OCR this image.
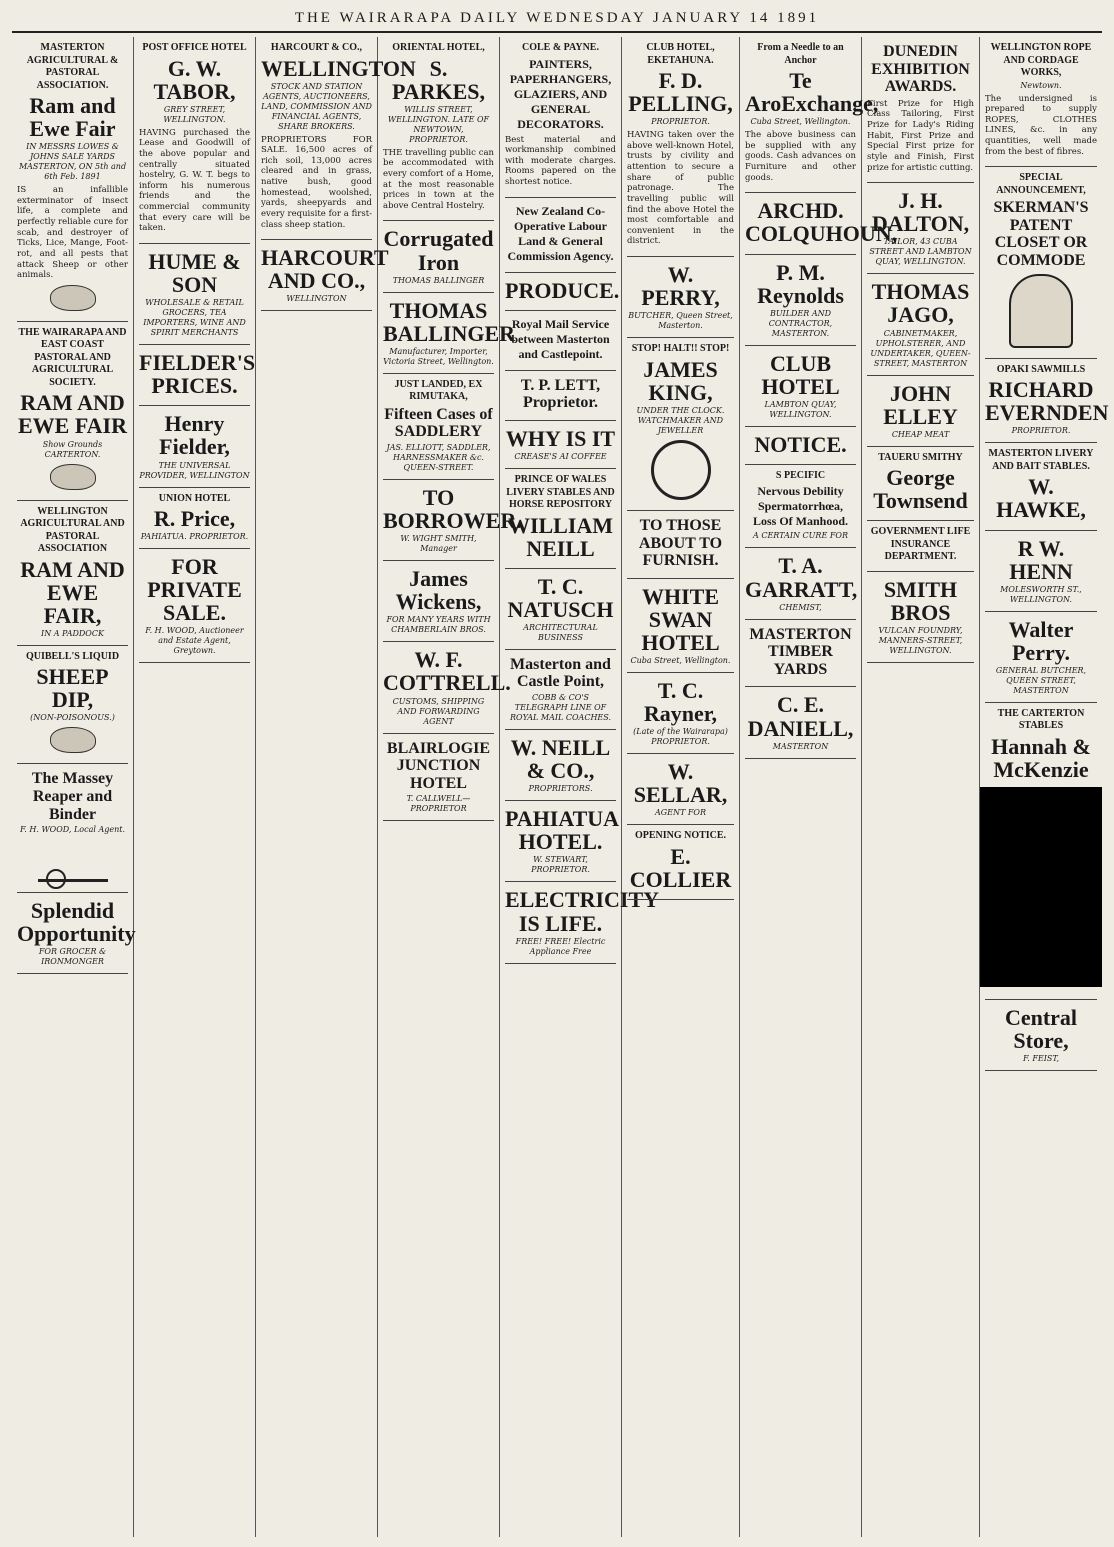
THE WAIRARAPA DAILY WEDNESDAY JANUARY 14 1891
MASTERTON AGRICULTURAL & PASTORAL ASSOCIATION.
Ram and Ewe Fair
IN MESSRS LOWES & JOHNS SALE YARDS MASTERTON, ON 5th and 6th Feb. 1891
IS an infallible exterminator of insect life, a complete and perfectly reliable cure for scab, and destroyer of Ticks, Lice, Mange, Foot-rot, and all pests that attack Sheep or other animals.
THE WAIRARAPA AND EAST COAST PASTORAL AND AGRICULTURAL SOCIETY.
RAM AND EWE FAIR
Show Grounds CARTERTON.
WELLINGTON AGRICULTURAL AND PASTORAL ASSOCIATION
RAM AND EWE FAIR,
IN A PADDOCK
QUIBELL'S LIQUID
SHEEP DIP,
(NON-POISONOUS.)
The Massey Reaper and Binder
F. H. WOOD, Local Agent.
Splendid Opportunity
FOR GROCER & IRONMONGER
POST OFFICE HOTEL
G. W. TABOR,
GREY STREET, WELLINGTON.
HAVING purchased the Lease and Goodwill of the above popular and centrally situated hostelry, G. W. T. begs to inform his numerous friends and the commercial community that every care will be taken.
HUME & SON
WHOLESALE & RETAIL GROCERS, TEA IMPORTERS, WINE AND SPIRIT MERCHANTS
FIELDER'S PRICES.
Henry Fielder,
THE UNIVERSAL PROVIDER, WELLINGTON
UNION HOTEL
R. Price,
PAHIATUA. PROPRIETOR.
FOR PRIVATE SALE.
F. H. WOOD, Auctioneer and Estate Agent, Greytown.
HARCOURT & CO.,
WELLINGTON
STOCK AND STATION AGENTS, AUCTIONEERS, LAND, COMMISSION AND FINANCIAL AGENTS, SHARE BROKERS.
PROPRIETORS FOR SALE. 16,500 acres of rich soil, 13,000 acres cleared and in grass, native bush, good homestead, woolshed, yards, sheepyards and every requisite for a first-class sheep station.
HARCOURT AND CO.,
WELLINGTON
ORIENTAL HOTEL,
S. PARKES,
WILLIS STREET, WELLINGTON. LATE OF NEWTOWN, PROPRIETOR.
THE travelling public can be accommodated with every comfort of a Home, at the most reasonable prices in town at the above Central Hostelry.
Corrugated Iron
THOMAS BALLINGER
THOMAS BALLINGER
Manufacturer, Importer, Victoria Street, Wellington.
JUST LANDED, EX RIMUTAKA,
Fifteen Cases of SADDLERY
JAS. ELLIOTT, SADDLER, HARNESSMAKER &c. QUEEN-STREET.
TO BORROWER.
W. WIGHT SMITH, Manager
James Wickens,
FOR MANY YEARS WITH CHAMBERLAIN BROS.
W. F. COTTRELL.
CUSTOMS, SHIPPING AND FORWARDING AGENT
BLAIRLOGIE JUNCTION HOTEL
T. CALLWELL—PROPRIETOR
COLE & PAYNE.
PAINTERS, PAPERHANGERS, GLAZIERS, AND GENERAL DECORATORS.
Best material and workmanship combined with moderate charges. Rooms papered on the shortest notice.
New Zealand Co-Operative Labour Land & General Commission Agency.
PRODUCE.
Royal Mail Service between Masterton and Castlepoint.
T. P. LETT, Proprietor.
WHY IS IT
CREASE'S AI COFFEE
PRINCE OF WALES LIVERY STABLES AND HORSE REPOSITORY
WILLIAM NEILL
T. C. NATUSCH
ARCHITECTURAL BUSINESS
Masterton and Castle Point,
COBB & CO'S TELEGRAPH LINE OF ROYAL MAIL COACHES.
W. NEILL & CO.,
PROPRIETORS.
PAHIATUA HOTEL.
W. STEWART, PROPRIETOR.
ELECTRICITY IS LIFE.
FREE! FREE! Electric Appliance Free
CLUB HOTEL, EKETAHUNA.
F. D. PELLING,
PROPRIETOR.
HAVING taken over the above well-known Hotel, trusts by civility and attention to secure a share of public patronage. The travelling public will find the above Hotel the most comfortable and convenient in the district.
W. PERRY,
BUTCHER, Queen Street, Masterton.
STOP! HALT!! STOP!
JAMES KING,
UNDER THE CLOCK. WATCHMAKER AND JEWELLER
TO THOSE ABOUT TO FURNISH.
WHITE SWAN HOTEL
Cuba Street, Wellington.
T. C. Rayner,
(Late of the Wairarapa) PROPRIETOR.
W. SELLAR,
AGENT FOR
OPENING NOTICE.
E. COLLIER
From a Needle to an Anchor
Te AroExchange,
Cuba Street, Wellington.
The above business can be supplied with any goods. Cash advances on Furniture and other goods.
ARCHD. COLQUHOUN,
P. M. Reynolds
BUILDER AND CONTRACTOR, MASTERTON.
CLUB HOTEL
LAMBTON QUAY, WELLINGTON.
NOTICE.
S PECIFIC
Nervous Debility Spermatorrhœa, Loss Of Manhood.
A CERTAIN CURE FOR
T. A. GARRATT,
CHEMIST,
MASTERTON TIMBER YARDS
C. E. DANIELL,
MASTERTON
DUNEDIN EXHIBITION AWARDS.
First Prize for High Class Tailoring, First Prize for Lady's Riding Habit, First Prize and Special First prize for style and Finish, First prize for artistic cutting.
J. H. DALTON,
TAILOR, 43 CUBA STREET AND LAMBTON QUAY, WELLINGTON.
THOMAS JAGO,
CABINETMAKER, UPHOLSTERER, AND UNDERTAKER, QUEEN-STREET, MASTERTON
JOHN ELLEY
CHEAP MEAT
TAUERU SMITHY
George Townsend
GOVERNMENT LIFE INSURANCE DEPARTMENT.
SMITH BROS
VULCAN FOUNDRY, MANNERS-STREET, WELLINGTON.
WELLINGTON ROPE AND CORDAGE WORKS,
Newtown.
The undersigned is prepared to supply ROPES, CLOTHES LINES, &c. in any quantities, well made from the best of fibres.
SPECIAL ANNOUNCEMENT,
SKERMAN'S PATENT CLOSET OR COMMODE
OPAKI SAWMILLS
RICHARD EVERNDEN
PROPRIETOR.
MASTERTON LIVERY AND BAIT STABLES.
W. HAWKE,
R W. HENN
MOLESWORTH ST., WELLINGTON.
Walter Perry.
GENERAL BUTCHER, QUEEN STREET, MASTERTON
THE CARTERTON STABLES
Hannah & McKenzie
Central Store,
F. FEIST,
